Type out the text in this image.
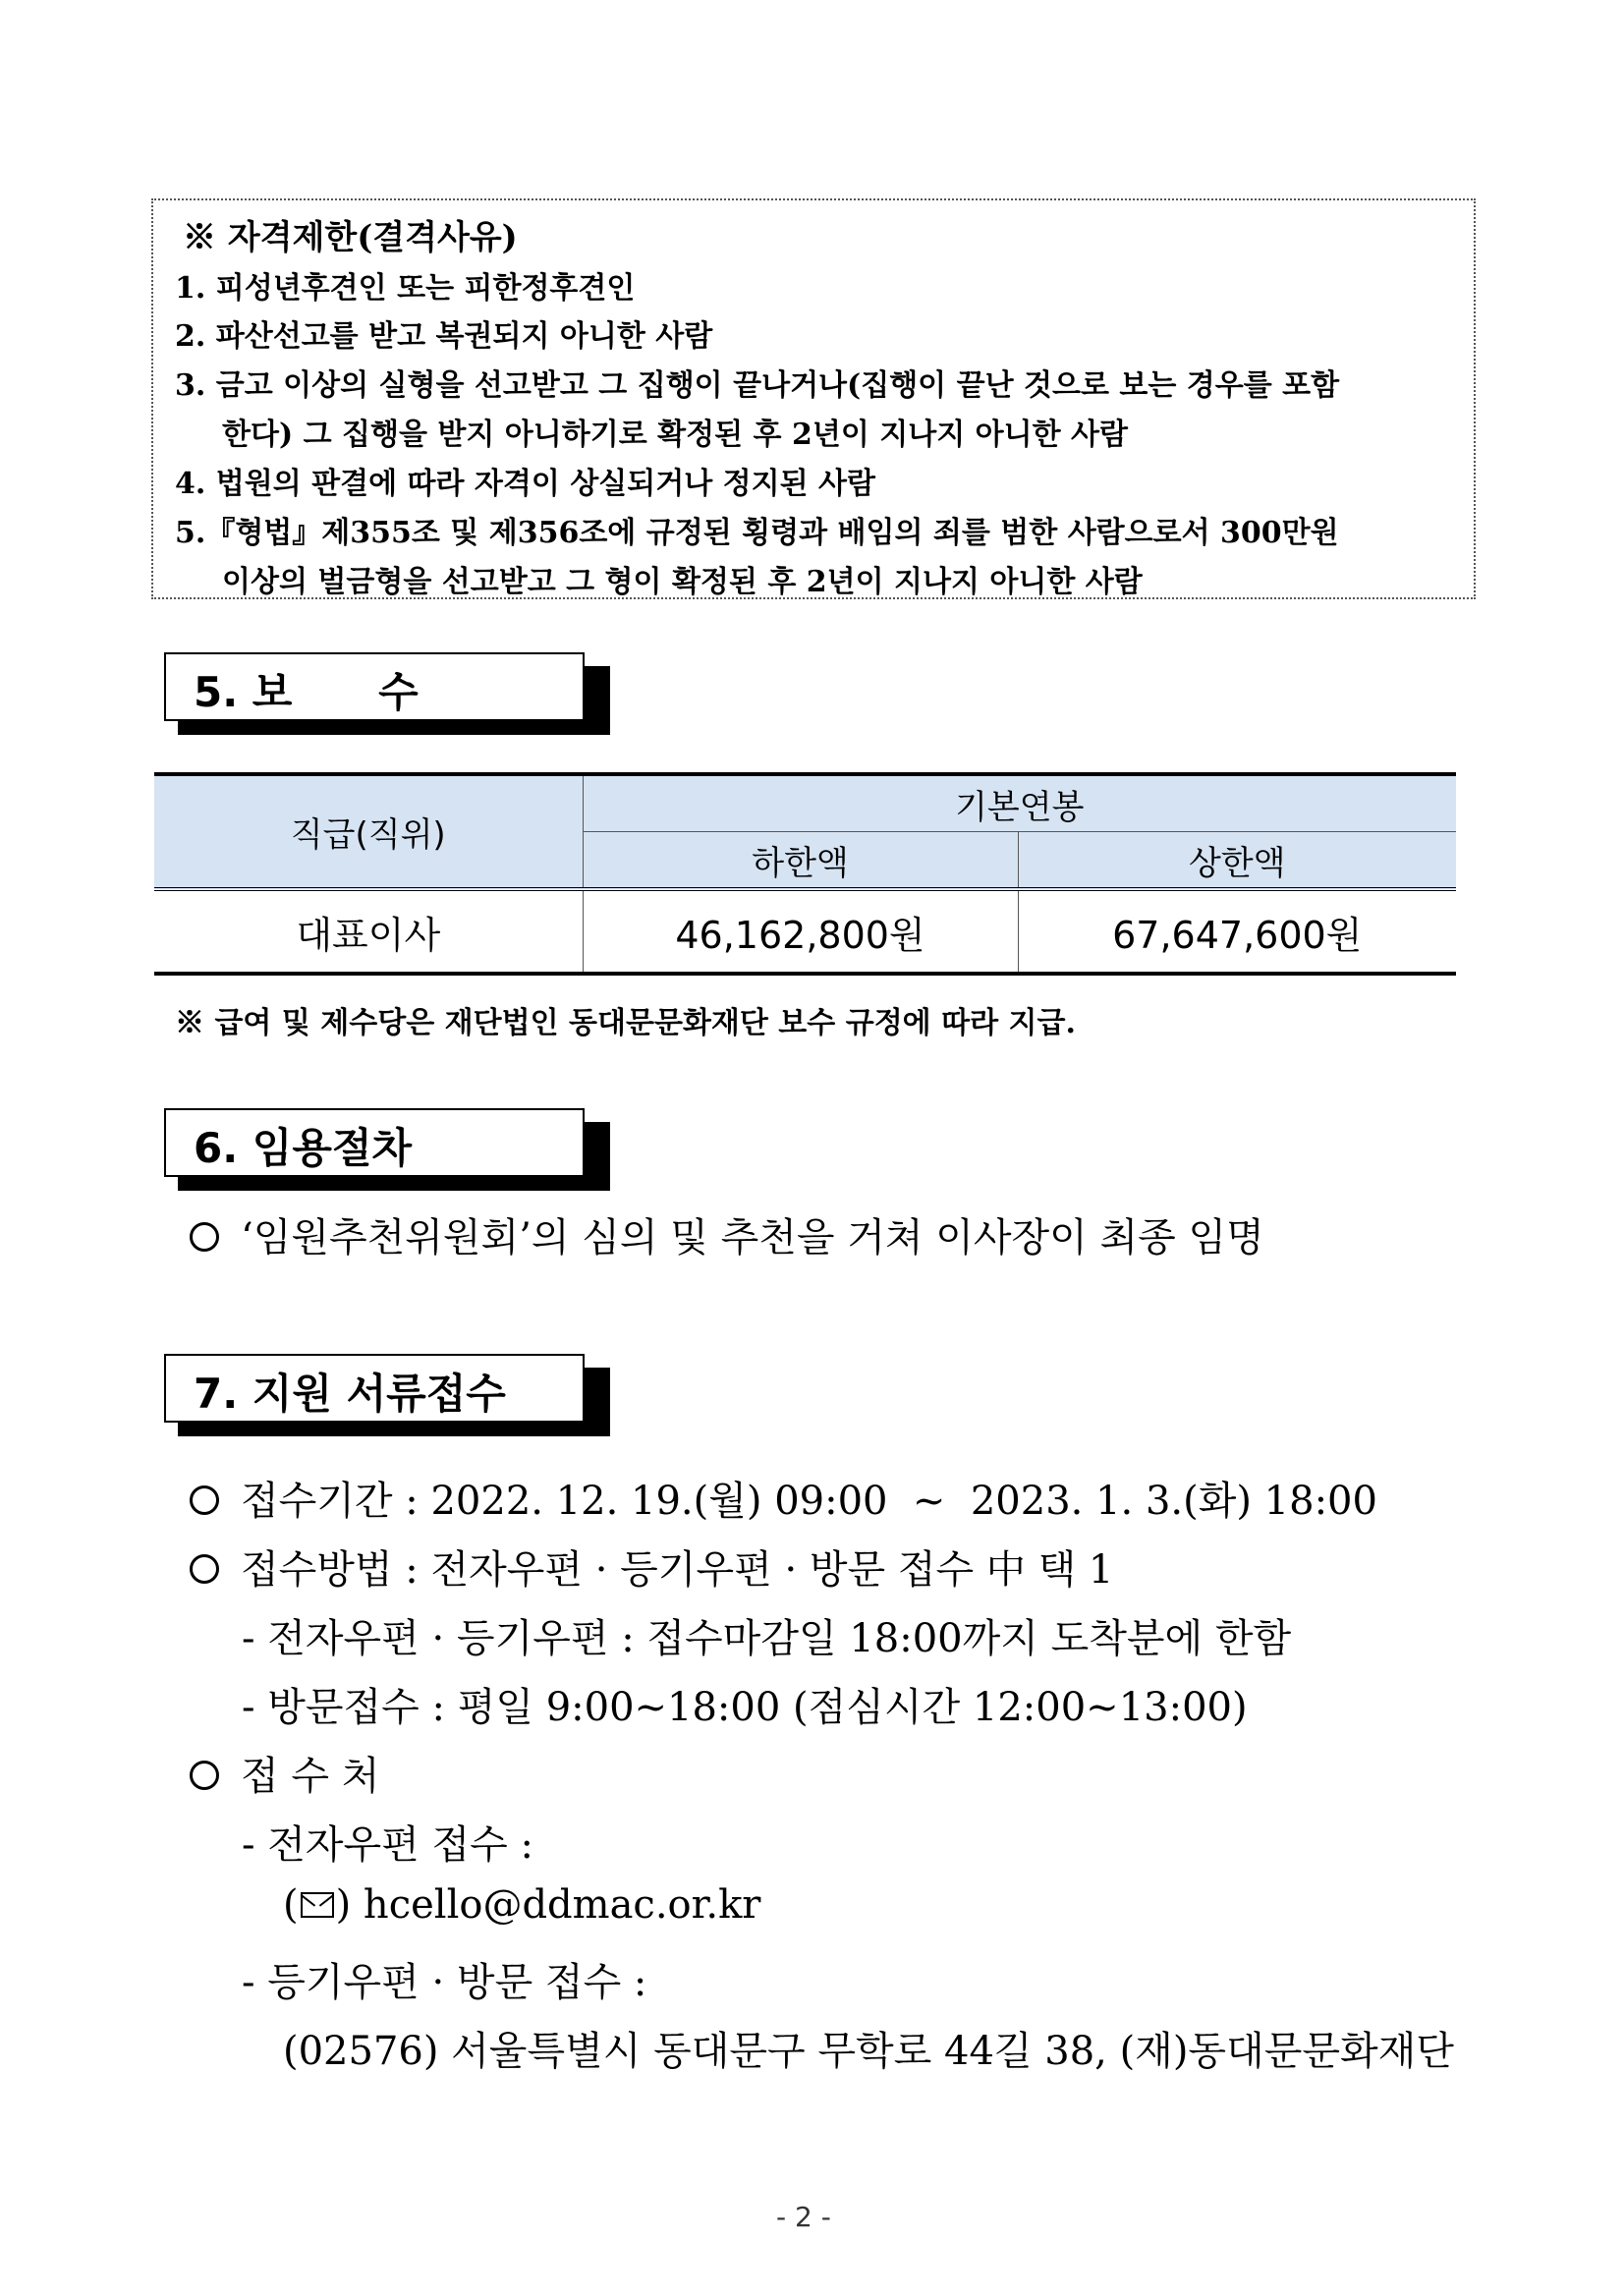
※ 자격제한(결격사유)
1. 피성년후견인 또는 피한정후견인
2. 파산선고를 받고 복권되지 아니한 사람
3. 금고 이상의 실형을 선고받고 그 집행이 끝나거나(집행이 끝난 것으로 보는 경우를 포함
한다) 그 집행을 받지 아니하기로 확정된 후 2년이 지나지 아니한 사람
4. 법원의 판결에 따라 자격이 상실되거나 정지된 사람
5.『형법』제355조 및 제356조에 규정된 횡령과 배임의 죄를 범한 사람으로서 300만원
이상의 벌금형을 선고받고 그 형이 확정된 후 2년이 지나지 아니한 사람
5. 보      수
직급(직위)	기본연봉	
	하한액	상한액
대표이사	46,162,800원	67,647,600원
※ 급여 및 제수당은 재단법인 동대문문화재단 보수 규정에 따라 지급.
6. 임용절차
‘임원추천위원회’의 심의 및 추천을 거쳐 이사장이 최종 임명
7. 지원 서류접수
접수기간 : 2022. 12. 19.(월) 09:00  ~  2023. 1. 3.(화) 18:00
접수방법 : 전자우편 · 등기우편 · 방문 접수 中 택 1
- 전자우편 · 등기우편 : 접수마감일 18:00까지 도착분에 한함
- 방문접수 : 평일 9:00~18:00 (점심시간 12:00~13:00)
접 수 처
- 전자우편 접수 :
( ) hcello@ddmac.or.kr
- 등기우편 · 방문 접수 :
(02576) 서울특별시 동대문구 무학로 44길 38, (재)동대문문화재단
- 2 -
